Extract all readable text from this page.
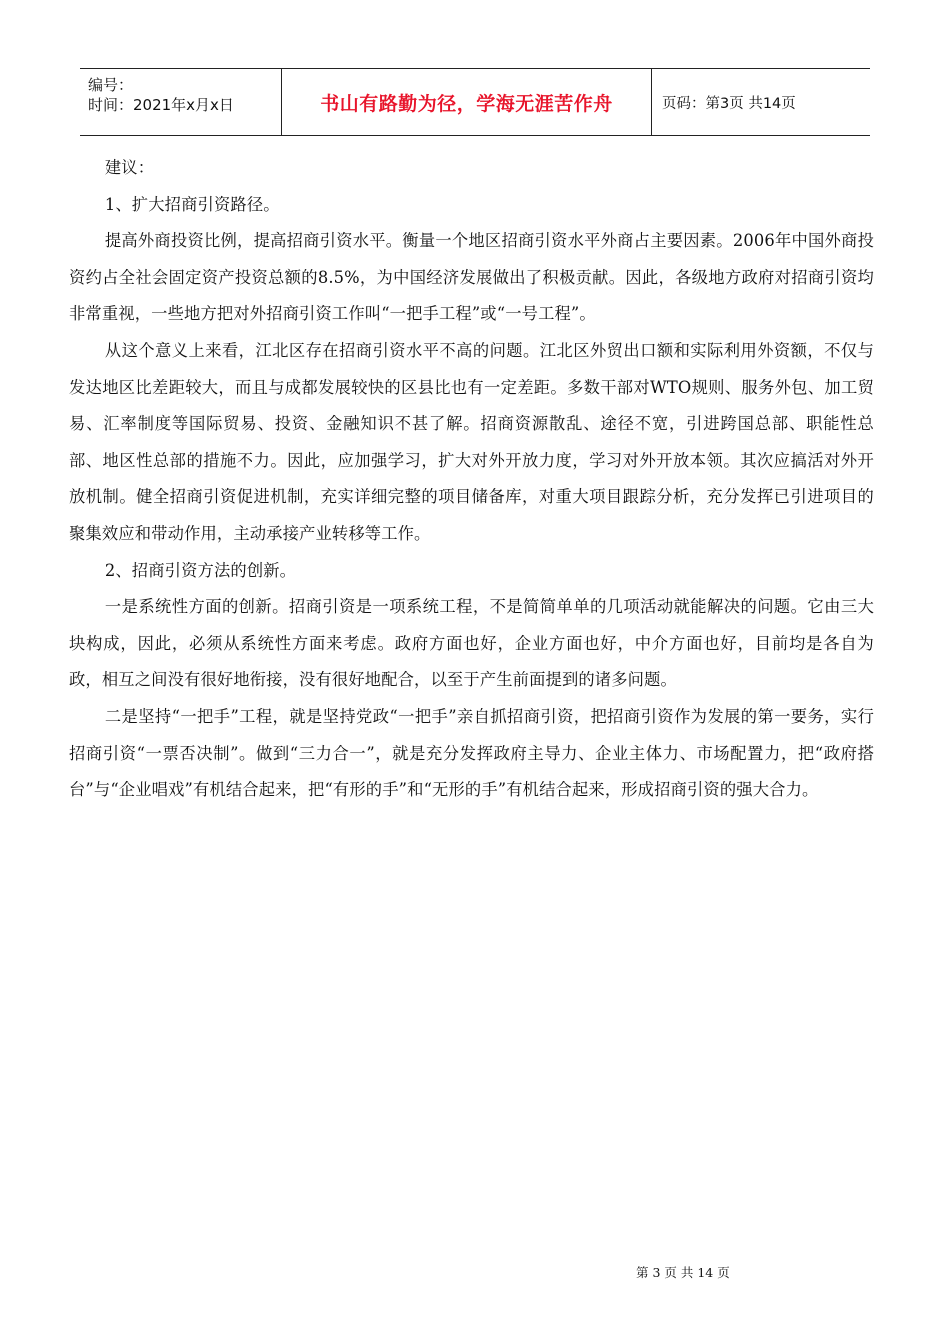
编号：
时间：2021年x月x日	书山有路勤为径，学海无涯苦作舟	页码：第3页 共14页

建议：

1、扩大招商引资路径。

提高外商投资比例，提高招商引资水平。衡量一个地区招商引资水平外商占主要因素。2006年中国外商投资约占全社会固定资产投资总额的8.5%，为中国经济发展做出了积极贡献。因此，各级地方政府对招商引资均非常重视，一些地方把对外招商引资工作叫“一把手工程”或“一号工程”。

从这个意义上来看，江北区存在招商引资水平不高的问题。江北区外贸出口额和实际利用外资额，不仅与发达地区比差距较大，而且与成都发展较快的区县比也有一定差距。多数干部对WTO规则、服务外包、加工贸易、汇率制度等国际贸易、投资、金融知识不甚了解。招商资源散乱、途径不宽，引进跨国总部、职能性总部、地区性总部的措施不力。因此，应加强学习，扩大对外开放力度，学习对外开放本领。其次应搞活对外开放机制。健全招商引资促进机制，充实详细完整的项目储备库，对重大项目跟踪分析，充分发挥已引进项目的聚集效应和带动作用，主动承接产业转移等工作。

2、招商引资方法的创新。

一是系统性方面的创新。招商引资是一项系统工程，不是简简单单的几项活动就能解决的问题。它由三大块构成，因此，必须从系统性方面来考虑。政府方面也好，企业方面也好，中介方面也好，目前均是各自为政，相互之间没有很好地衔接，没有很好地配合，以至于产生前面提到的诸多问题。

二是坚持“一把手”工程，就是坚持党政“一把手”亲自抓招商引资，把招商引资作为发展的第一要务，实行招商引资“一票否决制”。做到“三力合一”，就是充分发挥政府主导力、企业主体力、市场配置力，把“政府搭台”与“企业唱戏”有机结合起来，把“有形的手”和“无形的手”有机结合起来，形成招商引资的强大合力。

第 3 页 共 14 页
